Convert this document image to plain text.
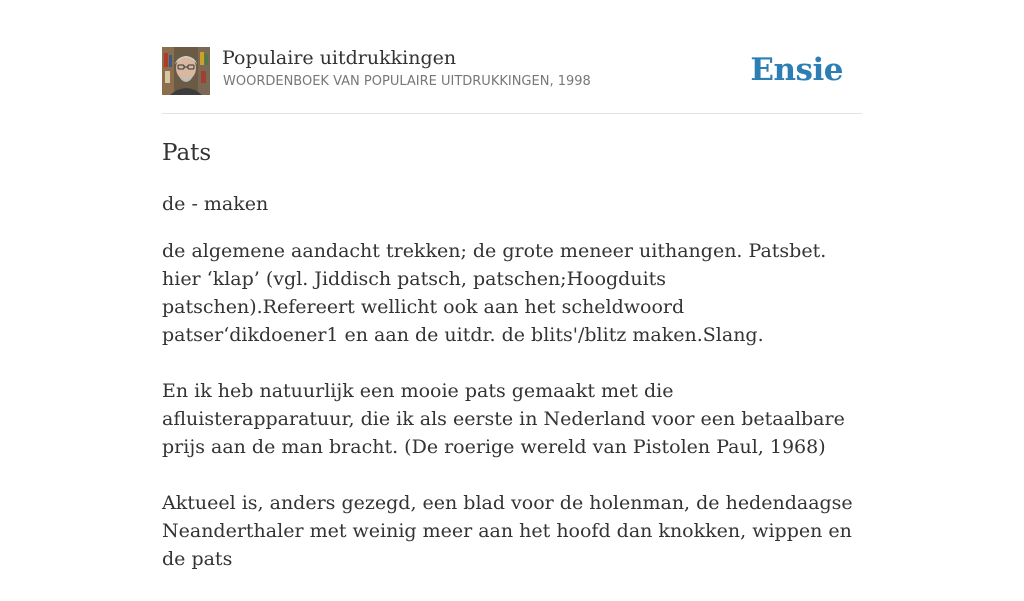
Populaire uitdrukkingen
WOORDENBOEK VAN POPULAIRE UITDRUKKINGEN, 1998	Ensie
Pats
de - maken

de algemene aandacht trekken; de grote meneer uithangen. Patsbet. hier ‘klap’ (vgl. Jiddisch patsch, patschen;Hoogduits patschen).Refereert wellicht ook aan het scheldwoord patser‘dikdoener1 en aan de uitdr. de blits'/blitz maken.Slang.

En ik heb natuurlijk een mooie pats gemaakt met die afluisterapparatuur, die ik als eerste in Nederland voor een betaalbare prijs aan de man bracht. (De roerige wereld van Pistolen Paul, 1968)

Aktueel is, anders gezegd, een blad voor de holenman, de hedendaagse Neanderthaler met weinig meer aan het hoofd dan knokken, wippen en de pats
